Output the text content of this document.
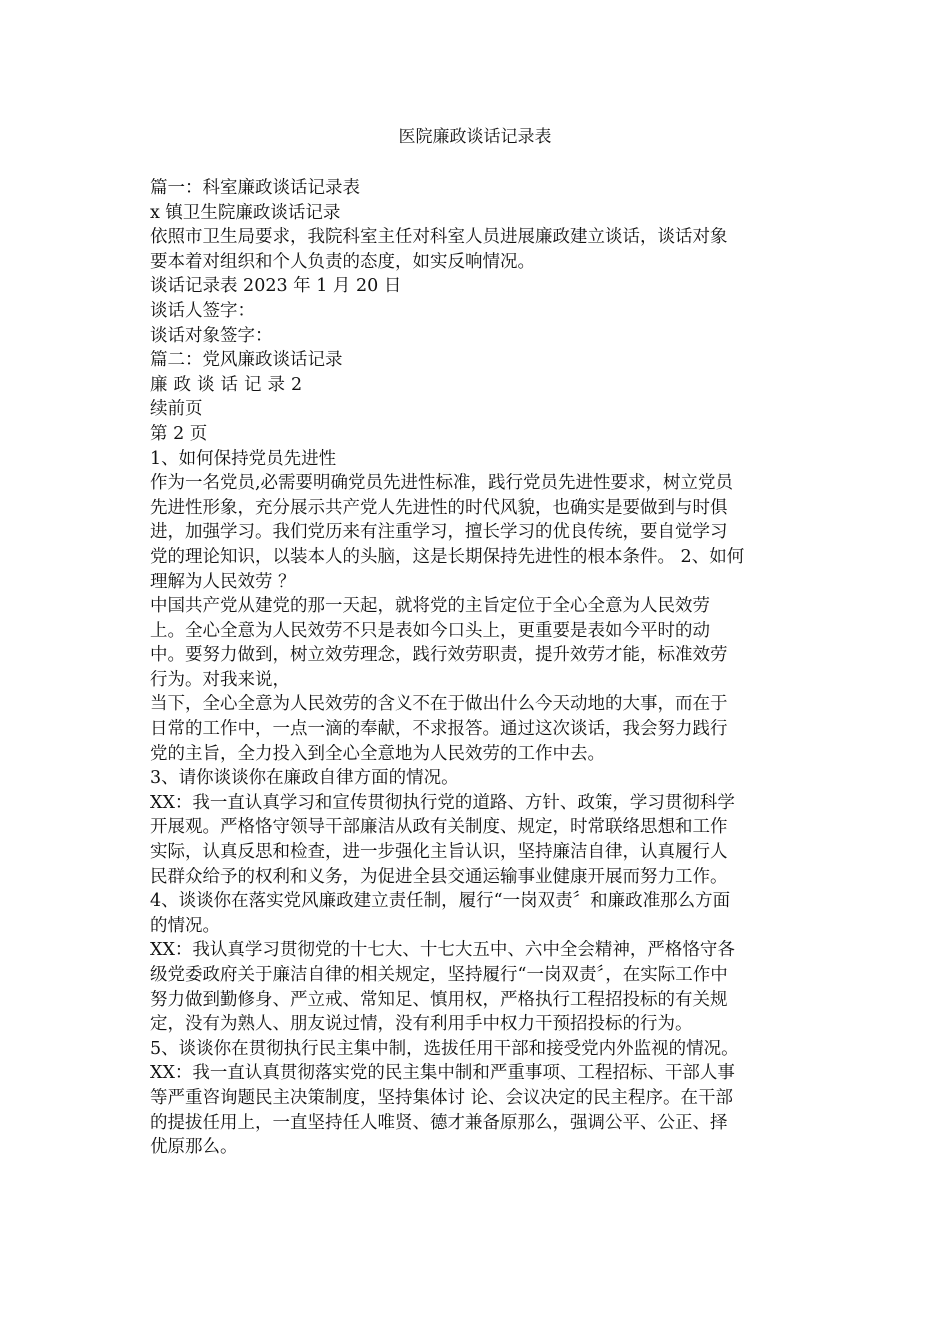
医院廉政谈话记录表

篇一：科室廉政谈话记录表

x 镇卫生院廉政谈话记录

依照市卫生局要求，我院科室主任对科室人员进展廉政建立谈话，谈话对象

要本着对组织和个人负责的态度，如实反响情况。

谈话记录表 2023 年 1 月 20 日

谈话人签字：

谈话对象签字：

篇二：党风廉政谈话记录

廉政谈话记录2

续前页

第 2 页

1、如何保持党员先进性

作为一名党员,必需要明确党员先进性标准，践行党员先进性要求，树立党员

先进性形象，充分展示共产党人先进性的时代风貌，也确实是要做到与时俱

进，加强学习。我们党历来有注重学习，擅长学习的优良传统，要自觉学习

党的理论知识，以装本人的头脑，这是长期保持先进性的根本条件。 2、如何

理解为人民效劳 ？

中国共产党从建党的那一天起，就将党的主旨定位于全心全意为人民效劳

上。全心全意为人民效劳不只是表如今口头上，更重要是表如今平时的动

中。要努力做到，树立效劳理念，践行效劳职责，提升效劳才能，标准效劳

行为。对我来说，

当下，全心全意为人民效劳的含义不在于做出什么今天动地的大事，而在于

日常的工作中，一点一滴的奉献，不求报答。通过这次谈话，我会努力践行

党的主旨，全力投入到全心全意地为人民效劳的工作中去。

3、请你谈谈你在廉政自律方面的情况。

XX：我一直认真学习和宣传贯彻执行党的道路、方针、政策，学习贯彻科学

开展观。严格恪守领导干部廉洁从政有关制度、规定，时常联络思想和工作

实际，认真反思和检查，进一步强化主旨认识，坚持廉洁自律，认真履行人

民群众给予的权利和义务，为促进全县交通运输事业健康开展而努力工作。

4、谈谈你在落实党风廉政建立责任制，履行“一岗双责〞和廉政准那么方面

的情况。

XX：我认真学习贯彻党的十七大、十七大五中、六中全会精神，严格恪守各

级党委政府关于廉洁自律的相关规定，坚持履行“一岗双责〞，在实际工作中

努力做到勤修身、严立戒、常知足、慎用权，严格执行工程招投标的有关规

定，没有为熟人、朋友说过情，没有利用手中权力干预招投标的行为。

5、谈谈你在贯彻执行民主集中制，选拔任用干部和接受党内外监视的情况。

XX：我一直认真贯彻落实党的民主集中制和严重事项、工程招标、干部人事

等严重咨询题民主决策制度，坚持集体讨 论、会议决定的民主程序。在干部

的提拔任用上，一直坚持任人唯贤、德才兼备原那么，强调公平、公正、择

优原那么。
